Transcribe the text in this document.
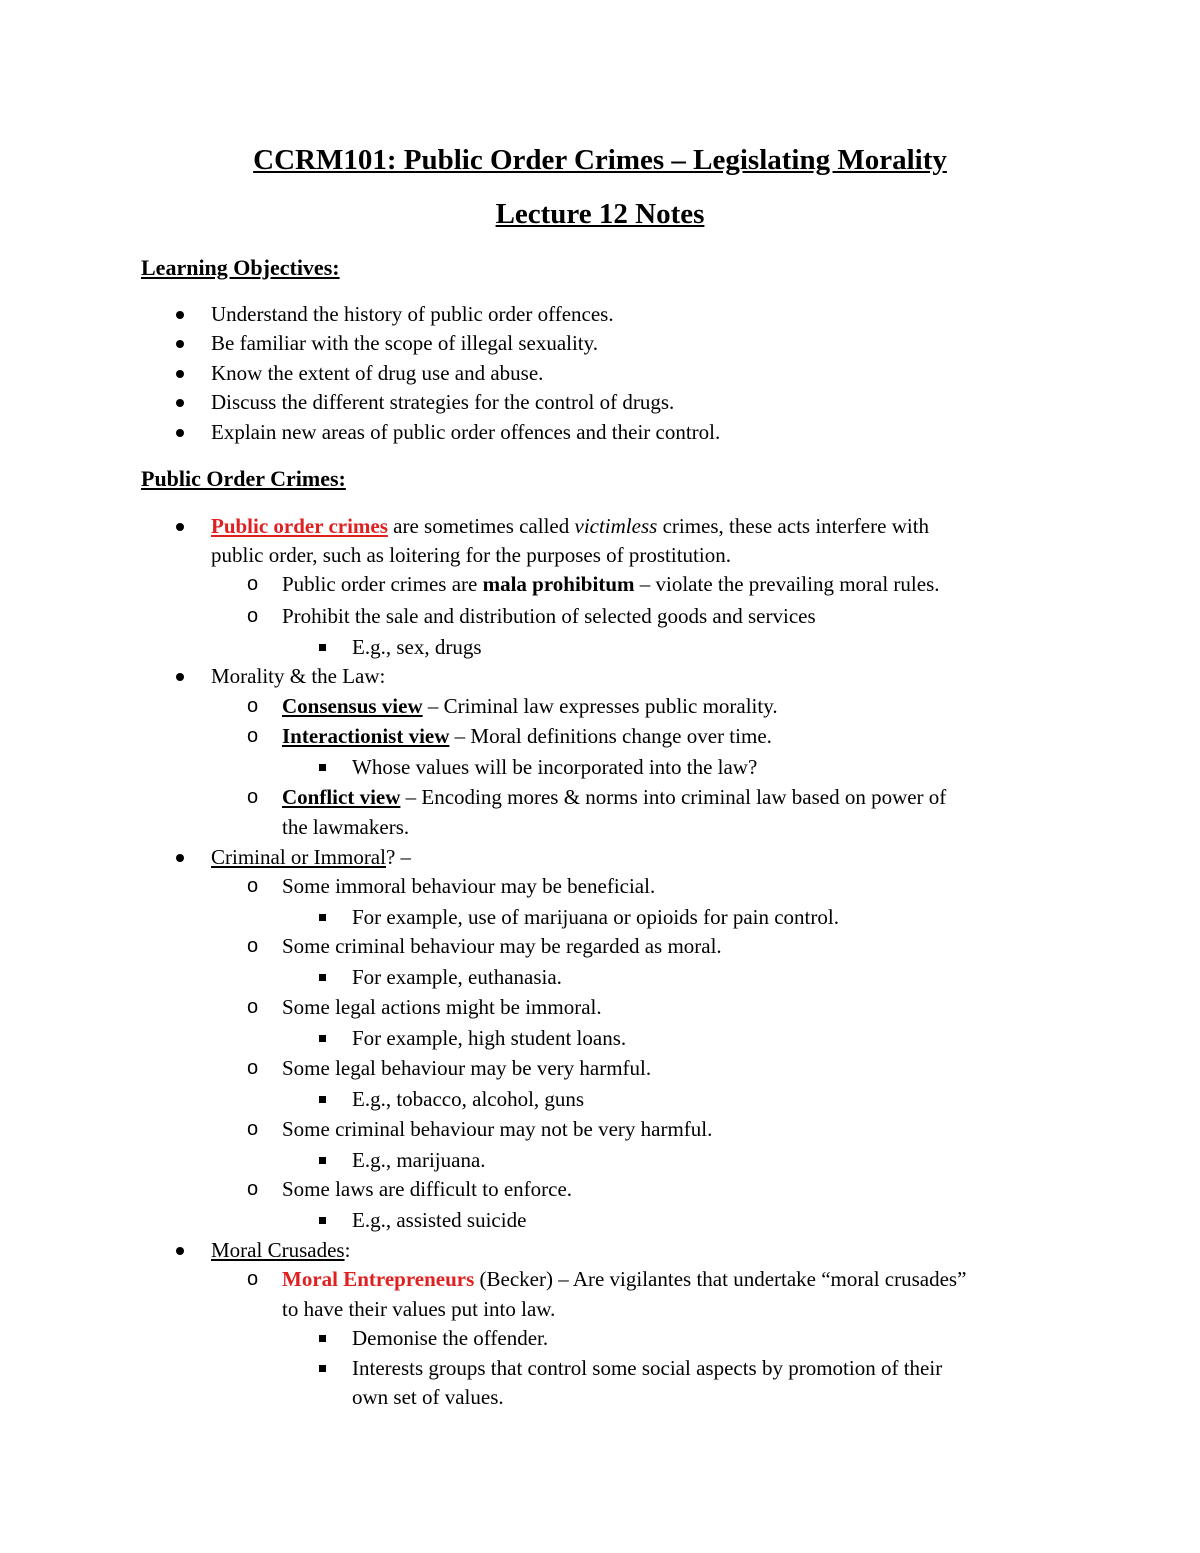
CCRM101: Public Order Crimes – Legislating Morality
Lecture 12 Notes
Learning Objectives:
Understand the history of public order offences.
Be familiar with the scope of illegal sexuality.
Know the extent of drug use and abuse.
Discuss the different strategies for the control of drugs.
Explain new areas of public order offences and their control.
Public Order Crimes:
Public order crimes are sometimes called victimless crimes, these acts interfere with
public order, such as loitering for the purposes of prostitution.
o Public order crimes are mala prohibitum – violate the prevailing moral rules.
o Prohibit the sale and distribution of selected goods and services
E.g., sex, drugs
Morality & the Law:
o Consensus view – Criminal law expresses public morality.
o Interactionist view – Moral definitions change over time.
Whose values will be incorporated into the law?
o Conflict view – Encoding mores & norms into criminal law based on power of
the lawmakers.
Criminal or Immoral? –
o Some immoral behaviour may be beneficial.
For example, use of marijuana or opioids for pain control.
o Some criminal behaviour may be regarded as moral.
For example, euthanasia.
o Some legal actions might be immoral.
For example, high student loans.
o Some legal behaviour may be very harmful.
E.g., tobacco, alcohol, guns
o Some criminal behaviour may not be very harmful.
E.g., marijuana.
o Some laws are difficult to enforce.
E.g., assisted suicide
Moral Crusades:
o Moral Entrepreneurs (Becker) – Are vigilantes that undertake “moral crusades”
to have their values put into law.
Demonise the offender.
Interests groups that control some social aspects by promotion of their
own set of values.
